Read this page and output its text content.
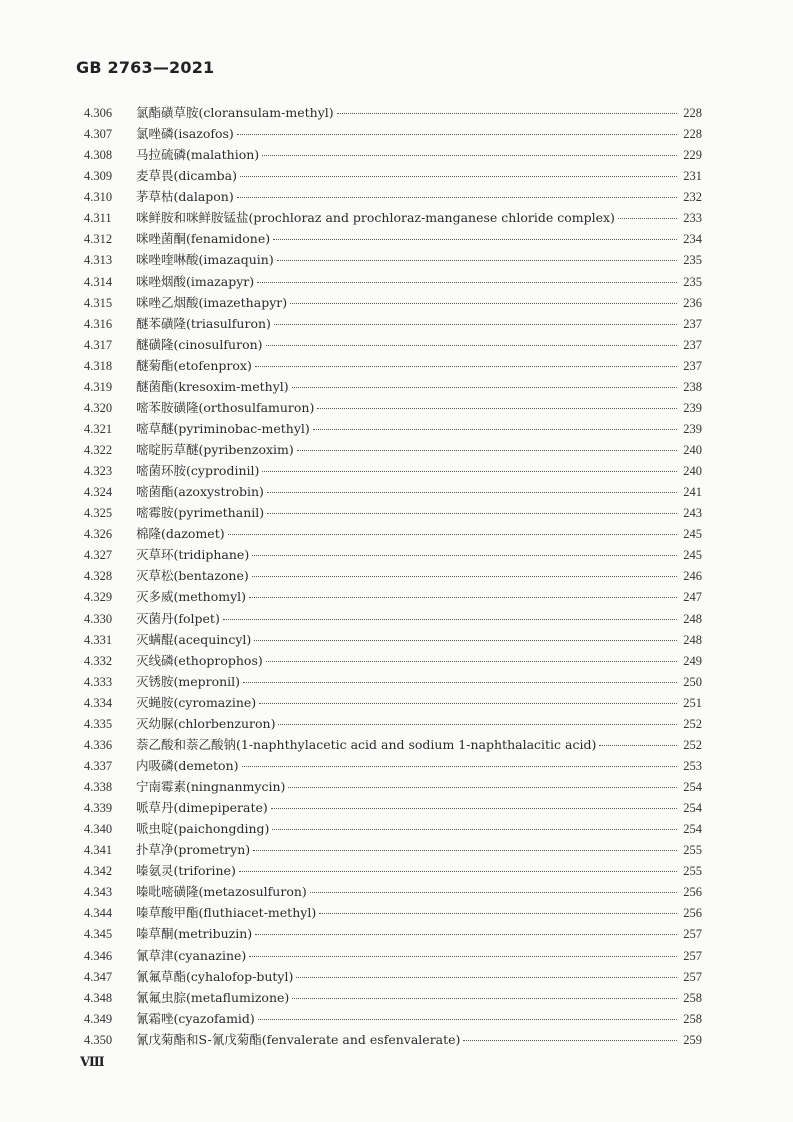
GB 2763—2021
4.306	氯酯磺草胺(cloransulam-methyl)	228
4.307	氯唑磷(isazofos)	228
4.308	马拉硫磷(malathion)	229
4.309	麦草畏(dicamba)	231
4.310	茅草枯(dalapon)	232
4.311	咪鲜胺和咪鲜胺锰盐(prochloraz and prochloraz-manganese chloride complex)	233
4.312	咪唑菌酮(fenamidone)	234
4.313	咪唑喹啉酸(imazaquin)	235
4.314	咪唑烟酸(imazapyr)	235
4.315	咪唑乙烟酸(imazethapyr)	236
4.316	醚苯磺隆(triasulfuron)	237
4.317	醚磺隆(cinosulfuron)	237
4.318	醚菊酯(etofenprox)	237
4.319	醚菌酯(kresoxim-methyl)	238
4.320	嘧苯胺磺隆(orthosulfamuron)	239
4.321	嘧草醚(pyriminobac-methyl)	239
4.322	嘧啶肟草醚(pyribenzoxim)	240
4.323	嘧菌环胺(cyprodinil)	240
4.324	嘧菌酯(azoxystrobin)	241
4.325	嘧霉胺(pyrimethanil)	243
4.326	棉隆(dazomet)	245
4.327	灭草环(tridiphane)	245
4.328	灭草松(bentazone)	246
4.329	灭多威(methomyl)	247
4.330	灭菌丹(folpet)	248
4.331	灭螨醌(acequincyl)	248
4.332	灭线磷(ethoprophos)	249
4.333	灭锈胺(mepronil)	250
4.334	灭蝇胺(cyromazine)	251
4.335	灭幼脲(chlorbenzuron)	252
4.336	萘乙酸和萘乙酸钠(1-naphthylacetic acid and sodium 1-naphthalacitic acid)	252
4.337	内吸磷(demeton)	253
4.338	宁南霉素(ningnanmycin)	254
4.339	哌草丹(dimepiperate)	254
4.340	哌虫啶(paichongding)	254
4.341	扑草净(prometryn)	255
4.342	嗪氨灵(triforine)	255
4.343	嗪吡嘧磺隆(metazosulfuron)	256
4.344	嗪草酸甲酯(fluthiacet-methyl)	256
4.345	嗪草酮(metribuzin)	257
4.346	氰草津(cyanazine)	257
4.347	氰氟草酯(cyhalofop-butyl)	257
4.348	氰氟虫腙(metaflumizone)	258
4.349	氰霜唑(cyazofamid)	258
4.350	氰戊菊酯和S-氰戊菊酯(fenvalerate and esfenvalerate)	259
Ⅷ
